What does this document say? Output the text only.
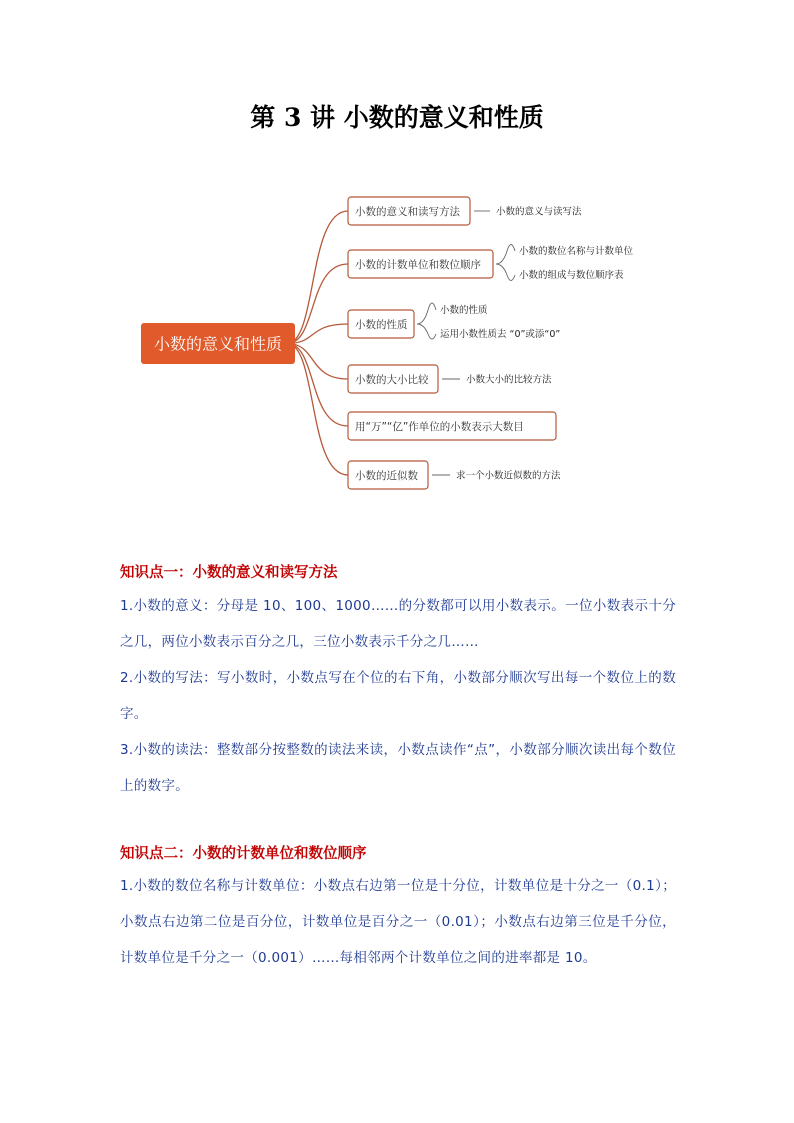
第 3 讲 小数的意义和性质
小数的意义和性质
小数的意义和读写方法
小数的计数单位和数位顺序
小数的性质
小数的大小比较
用“万”“亿”作单位的小数表示大数目
小数的近似数
小数的意义与读写法
小数的数位名称与计数单位
小数的组成与数位顺序表
小数的性质
运用小数性质去 “0”或添“0”
小数大小的比较方法
求一个小数近似数的方法
知识点一：小数的意义和读写方法
1.小数的意义：分母是 10、100、1000……的分数都可以用小数表示。一位小数表示十分之几，两位小数表示百分之几，三位小数表示千分之几……
2.小数的写法：写小数时，小数点写在个位的右下角，小数部分顺次写出每一个数位上的数字。
3.小数的读法：整数部分按整数的读法来读，小数点读作“点”，小数部分顺次读出每个数位上的数字。
知识点二：小数的计数单位和数位顺序
1.小数的数位名称与计数单位：小数点右边第一位是十分位，计数单位是十分之一（0.1）；小数点右边第二位是百分位，计数单位是百分之一（0.01）；小数点右边第三位是千分位，计数单位是千分之一（0.001）……每相邻两个计数单位之间的进率都是 10。
